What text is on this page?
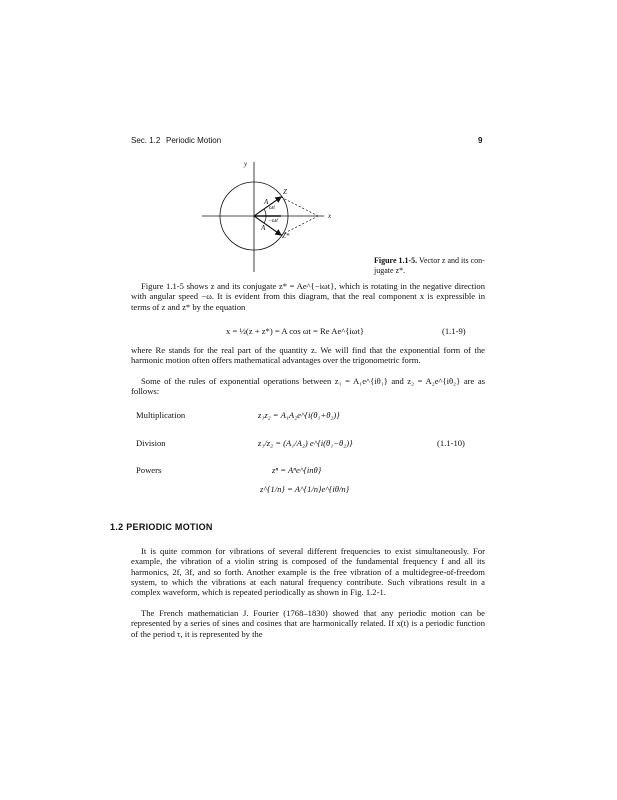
Sec. 1.2 Periodic Motion	9
y
x
Z
Z*
A
A
ωt
−ωt
Figure 1.1-5. Vector z and its con-jugate z*.

Figure 1.1-5 shows z and its conjugate z* = Ae^{−iωt}, which is rotating in the negative direction with angular speed −ω. It is evident from this diagram, that the real component x is expressible in terms of z and z* by the equation

x = ½(z + z*) = A cos ωt = Re Ae^{iωt}	(1.1-9)

where Re stands for the real part of the quantity z. We will find that the exponential form of the harmonic motion often offers mathematical advantages over the trigonometric form.

Some of the rules of exponential operations between z₁ = A₁e^{iθ₁} and z₂ = A₂e^{iθ₂} are as follows:

Multiplication	z₁z₂ = A₁A₂e^{i(θ₁+θ₂)}
Division	z₁/z₂ = (A₁/A₂) e^{i(θ₁−θ₂)}	(1.1-10)
Powers	zⁿ = Aⁿe^{inθ}
z^{1/n} = A^{1/n}e^{iθ/n}
1.2 PERIODIC MOTION

It is quite common for vibrations of several different frequencies to exist simultaneously. For example, the vibration of a violin string is composed of the fundamental frequency f and all its harmonics, 2f, 3f, and so forth. Another example is the free vibration of a multidegree-of-freedom system, to which the vibrations at each natural frequency contribute. Such vibrations result in a complex waveform, which is repeated periodically as shown in Fig. 1.2-1.

The French mathematician J. Fourier (1768–1830) showed that any periodic motion can be represented by a series of sines and cosines that are harmonically related. If x(t) is a periodic function of the period τ, it is represented by the
